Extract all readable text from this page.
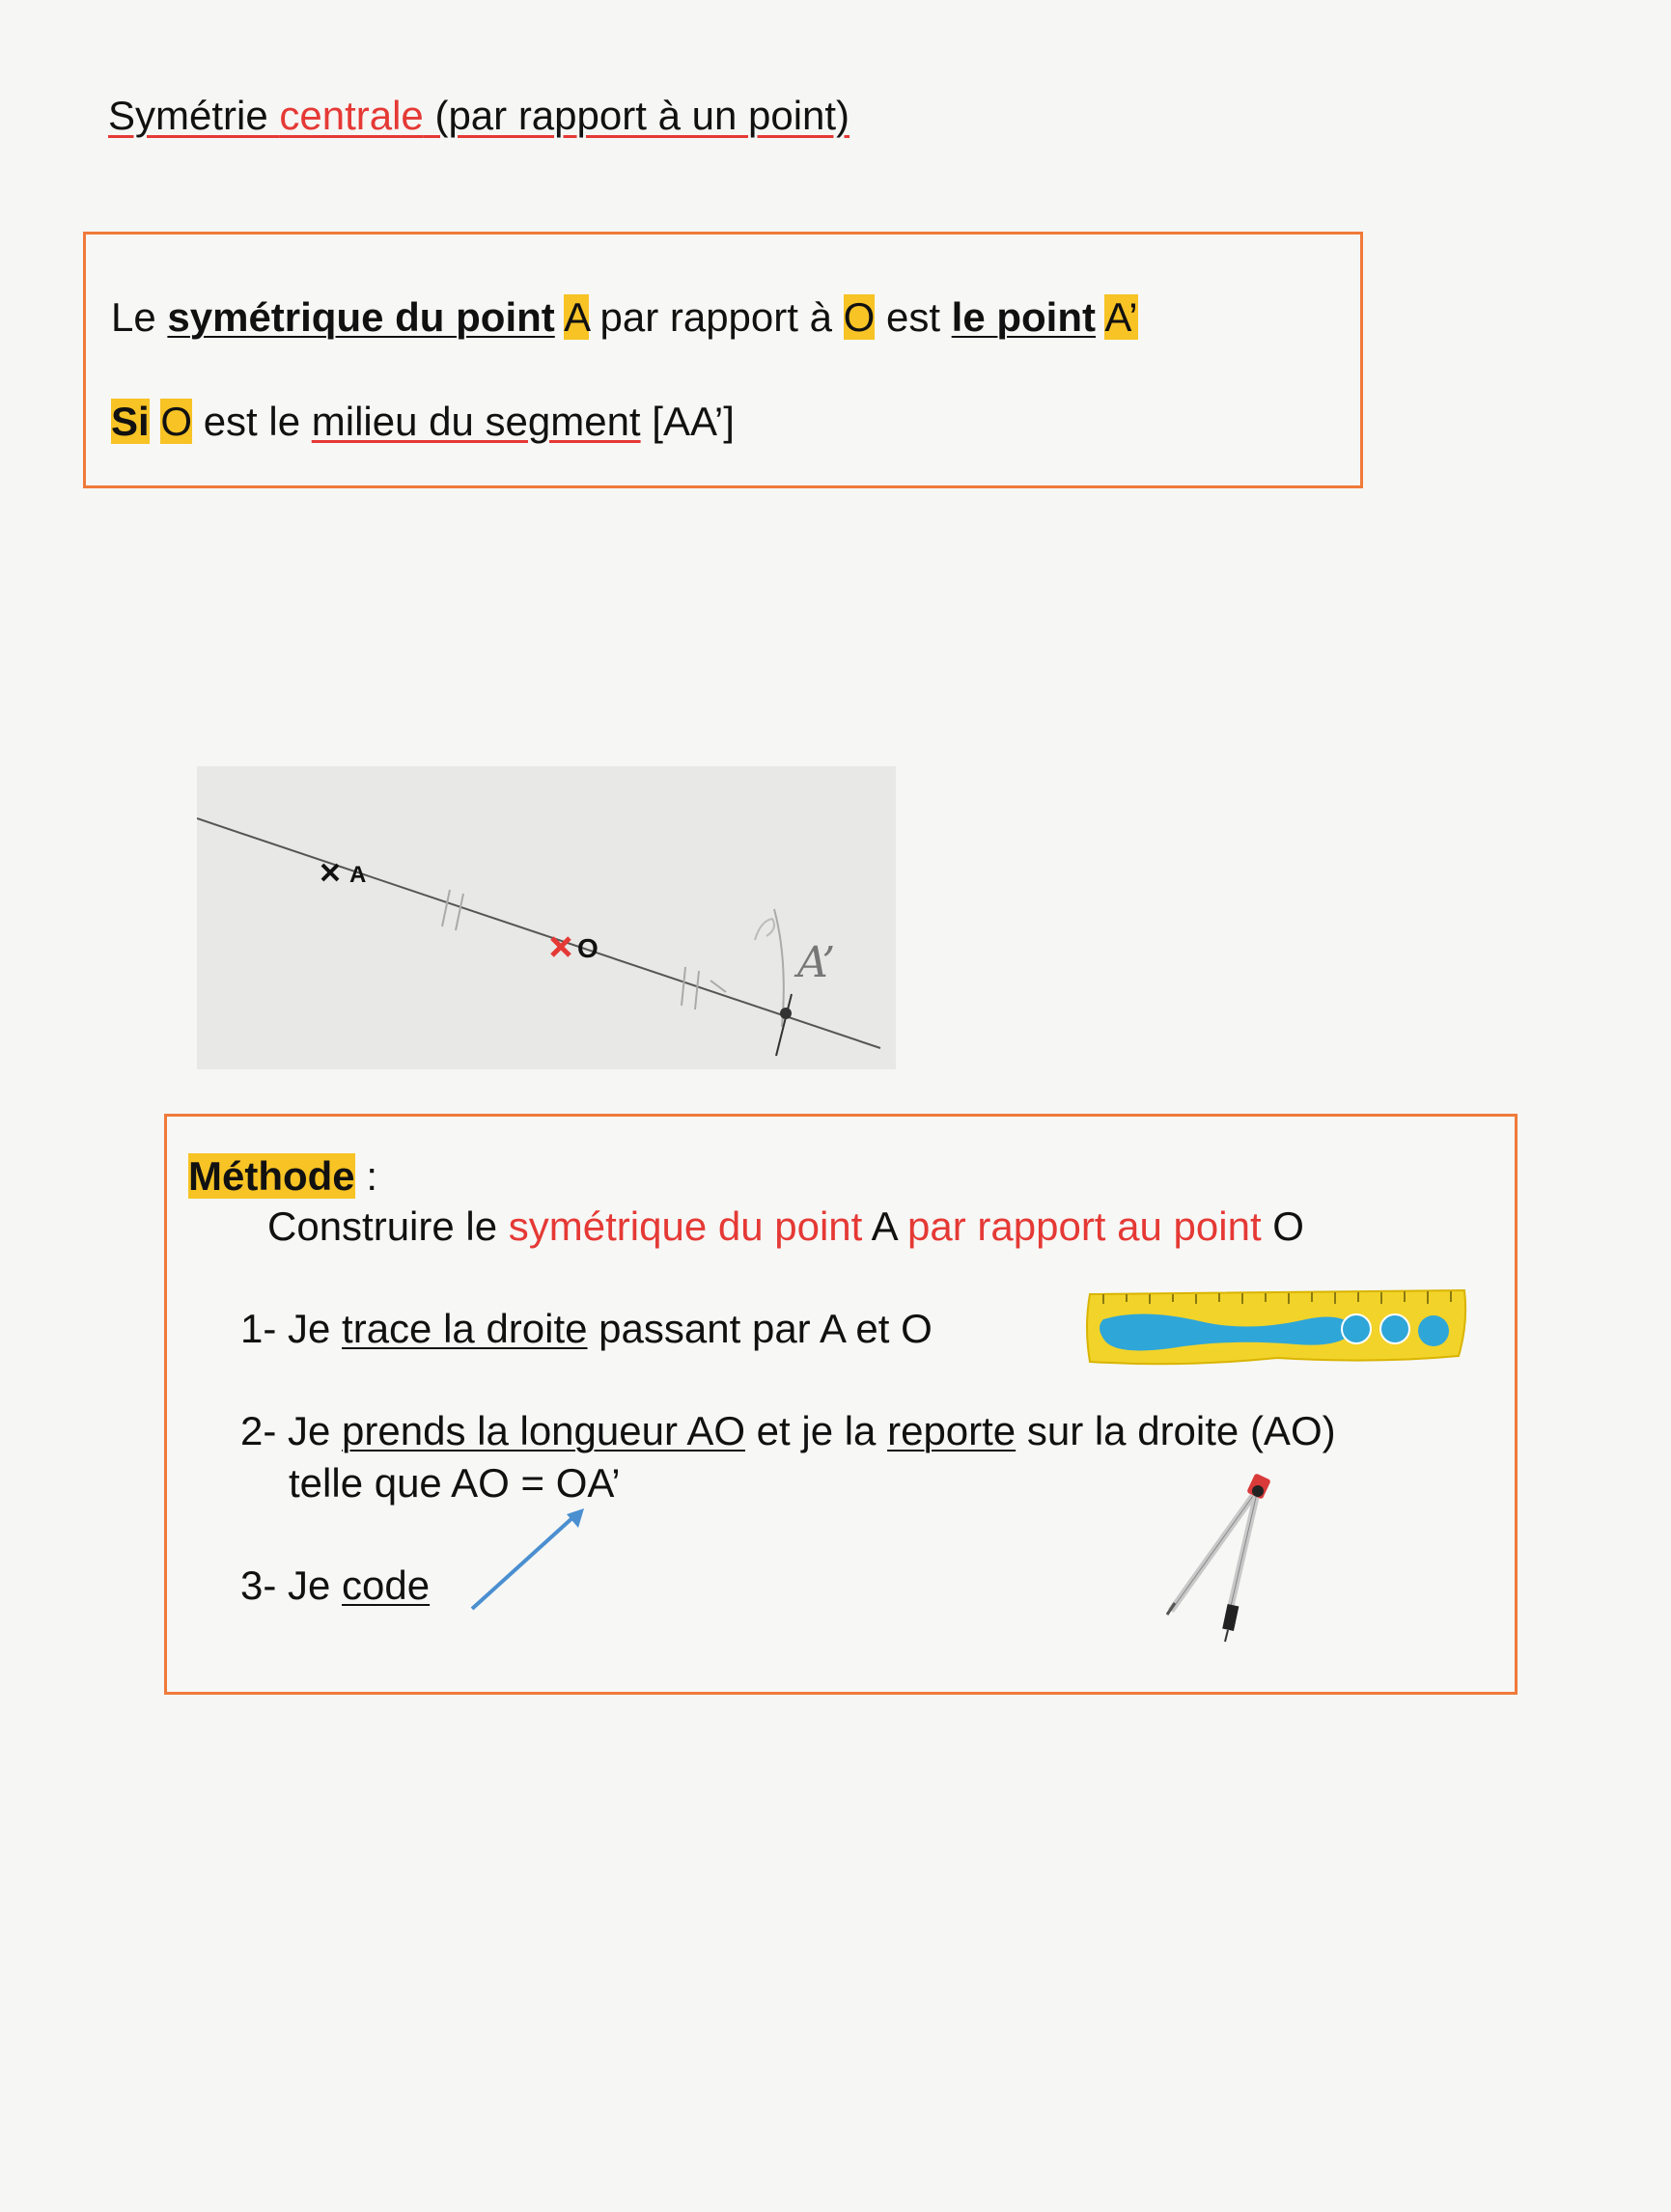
Symétrie centrale (par rapport à un point)
Le symétrique du point A par rapport à O est le point A’
Si O est le milieu du segment [AA’]
A
O	A’
Méthode :
Construire le symétrique du point A par rapport au point O
1- Je trace la droite passant par A et O
2- Je prends la longueur AO et je la reporte sur la droite (AO)
telle que AO = OA’
3- Je code
